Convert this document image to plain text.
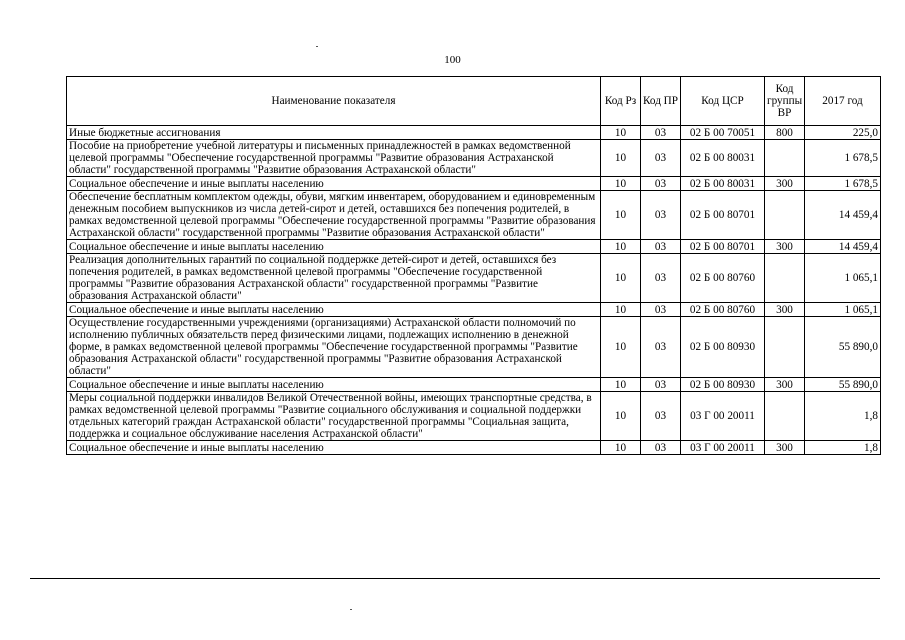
100
Наименование показателя	Код Рз	Код ПР	Код ЦСР	Код группы ВР	2017 год
Иные бюджетные ассигнования	10	03	02 Б 00 70051	800	225,0
Пособие на приобретение учебной литературы и письменных принадлежностей в рамках ведомственной целевой программы "Обеспечение государственной программы "Развитие образования Астраханской области" государственной программы "Развитие образования Астраханской области"	10	03	02 Б 00 80031		1 678,5
Социальное обеспечение и иные выплаты населению	10	03	02 Б 00 80031	300	1 678,5
Обеспечение бесплатным комплектом одежды, обуви, мягким инвентарем, оборудованием и единовременным денежным пособием выпускников из числа детей-сирот и детей, оставшихся без попечения родителей, в рамках ведомственной целевой программы "Обеспечение государственной программы "Развитие образования Астраханской области" государственной программы "Развитие образования Астраханской области"	10	03	02 Б 00 80701		14 459,4
Социальное обеспечение и иные выплаты населению	10	03	02 Б 00 80701	300	14 459,4
Реализация дополнительных гарантий по социальной поддержке детей-сирот и детей, оставшихся без попечения родителей, в рамках ведомственной целевой программы "Обеспечение государственной программы "Развитие образования Астраханской области" государственной программы "Развитие образования Астраханской области"	10	03	02 Б 00 80760		1 065,1
Социальное обеспечение и иные выплаты населению	10	03	02 Б 00 80760	300	1 065,1
Осуществление государственными учреждениями (организациями) Астраханской области полномочий по исполнению публичных обязательств перед физическими лицами, подлежащих исполнению в денежной форме, в рамках ведомственной целевой программы "Обеспечение государственной программы "Развитие образования Астраханской области" государственной программы "Развитие образования Астраханской области"	10	03	02 Б 00 80930		55 890,0
Социальное обеспечение и иные выплаты населению	10	03	02 Б 00 80930	300	55 890,0
Меры социальной поддержки инвалидов Великой Отечественной войны, имеющих транспортные средства, в рамках ведомственной целевой программы "Развитие социального обслуживания и социальной поддержки отдельных категорий граждан Астраханской области" государственной программы "Социальная защита, поддержка и социальное обслуживание населения Астраханской области"	10	03	03 Г 00 20011		1,8
Социальное обеспечение и иные выплаты населению	10	03	03 Г 00 20011	300	1,8
